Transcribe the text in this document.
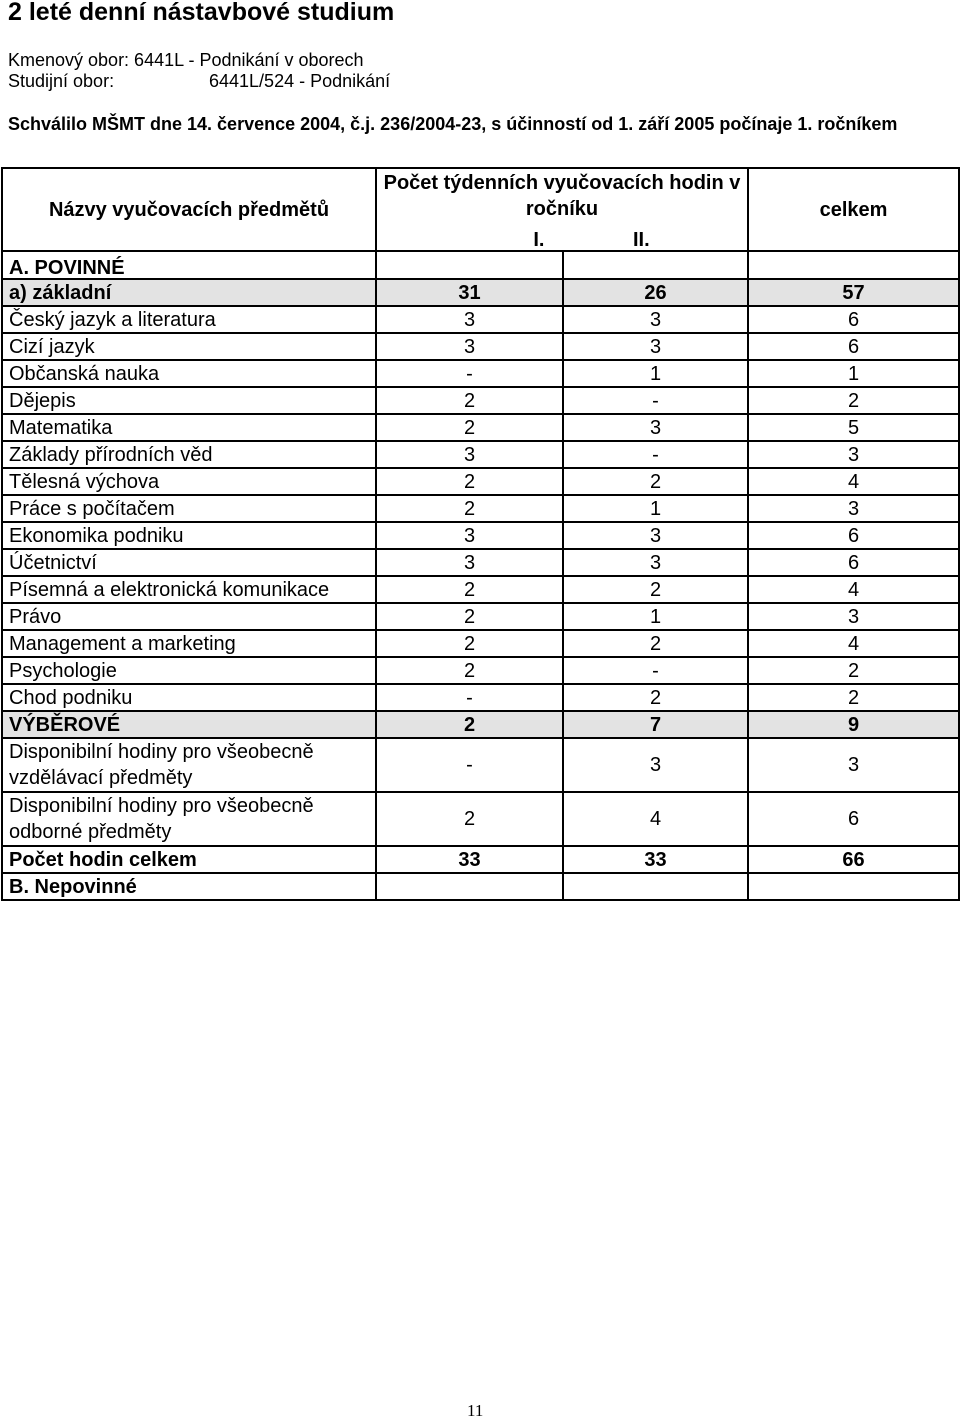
2 leté denní nástavbové studium
Kmenový obor: 6441L - Podnikání v oborech
Studijní obor:	6441L/524 - Podnikání
Schválilo MŠMT dne 14. července 2004, č.j. 236/2004-23, s účinností od 1. září 2005 počínaje 1. ročníkem
Názvy vyučovacích předmětů	Počet týdenních vyučovacích hodin v ročníku		celkem
	I. II.		
A. POVINNÉ			
a) základní	31	26	57
Český jazyk a literatura	3	3	6
Cizí jazyk	3	3	6
Občanská nauka	-	1	1
Dějepis	2	-	2
Matematika	2	3	5
Základy přírodních věd	3	-	3
Tělesná výchova	2	2	4
Práce s počítačem	2	1	3
Ekonomika podniku	3	3	6
Účetnictví	3	3	6
Písemná a elektronická komunikace	2	2	4
Právo	2	1	3
Management a marketing	2	2	4
Psychologie	2	-	2
Chod podniku	-	2	2
VÝBĚROVÉ	2	7	9
Disponibilní hodiny pro všeobecně vzdělávací předměty	-	3	3
Disponibilní hodiny pro všeobecně odborné předměty	2	4	6
Počet hodin celkem	33	33	66
B. Nepovinné			
11
